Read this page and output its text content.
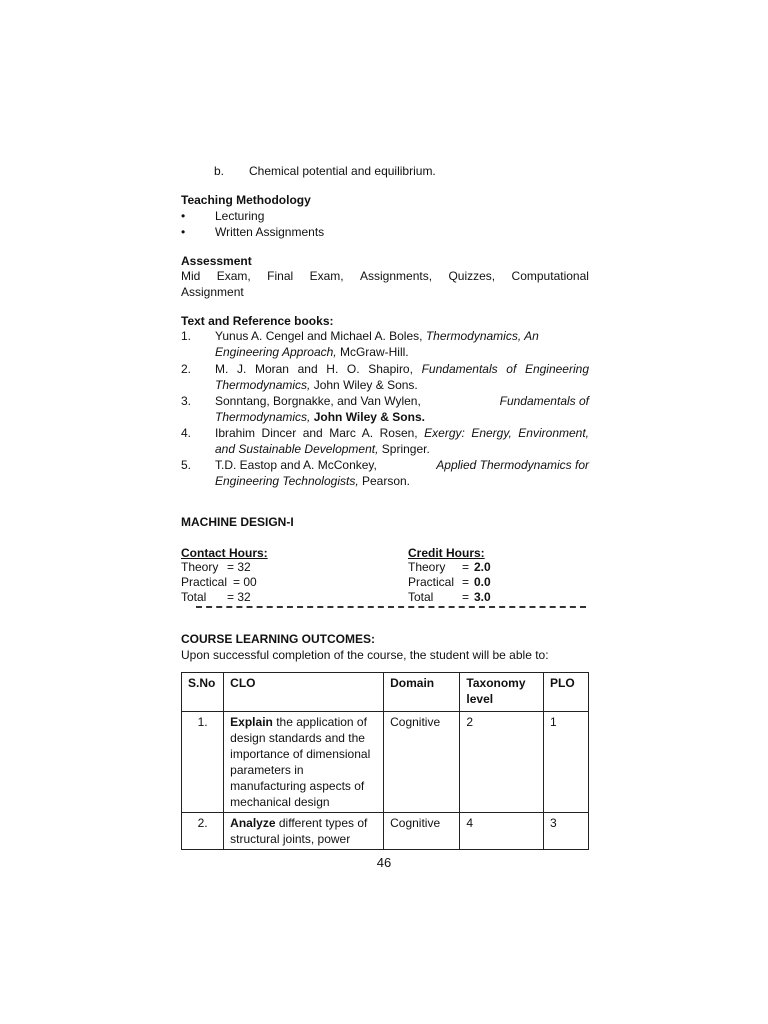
b. Chemical potential and equilibrium.
Teaching Methodology
• Lecturing
• Written Assignments
Assessment
Mid Exam, Final Exam, Assignments, Quizzes, Computational
Assignment
Text and Reference books:
1. Yunus A. Cengel and Michael A. Boles, Thermodynamics, An
Engineering Approach, McGraw-Hill.
2. M. J. Moran and H. O. Shapiro, Fundamentals of Engineering
Thermodynamics, John Wiley & Sons.
3. Sonntang, Borgnakke, and Van Wylen,	Fundamentals of
Thermodynamics, John Wiley & Sons.
4. Ibrahim Dincer and Marc A. Rosen, Exergy: Energy, Environment,
and Sustainable Development, Springer.
5. T.D. Eastop and A. McConkey,	Applied Thermodynamics for
Engineering Technologists, Pearson.
MACHINE DESIGN-I
Contact Hours:
Theory = 32
Practical = 00
Total = 32
Credit Hours:
Theory = 2.0
Practical = 0.0
Total = 3.0
COURSE LEARNING OUTCOMES:
Upon successful completion of the course, the student will be able to:
S.No	CLO	Domain	Taxonomy level	PLO
1.	Explain the application of design standards and the importance of dimensional parameters in manufacturing aspects of mechanical design	Cognitive	2	1
2.	Analyze different types of structural joints, power	Cognitive	4	3
46
